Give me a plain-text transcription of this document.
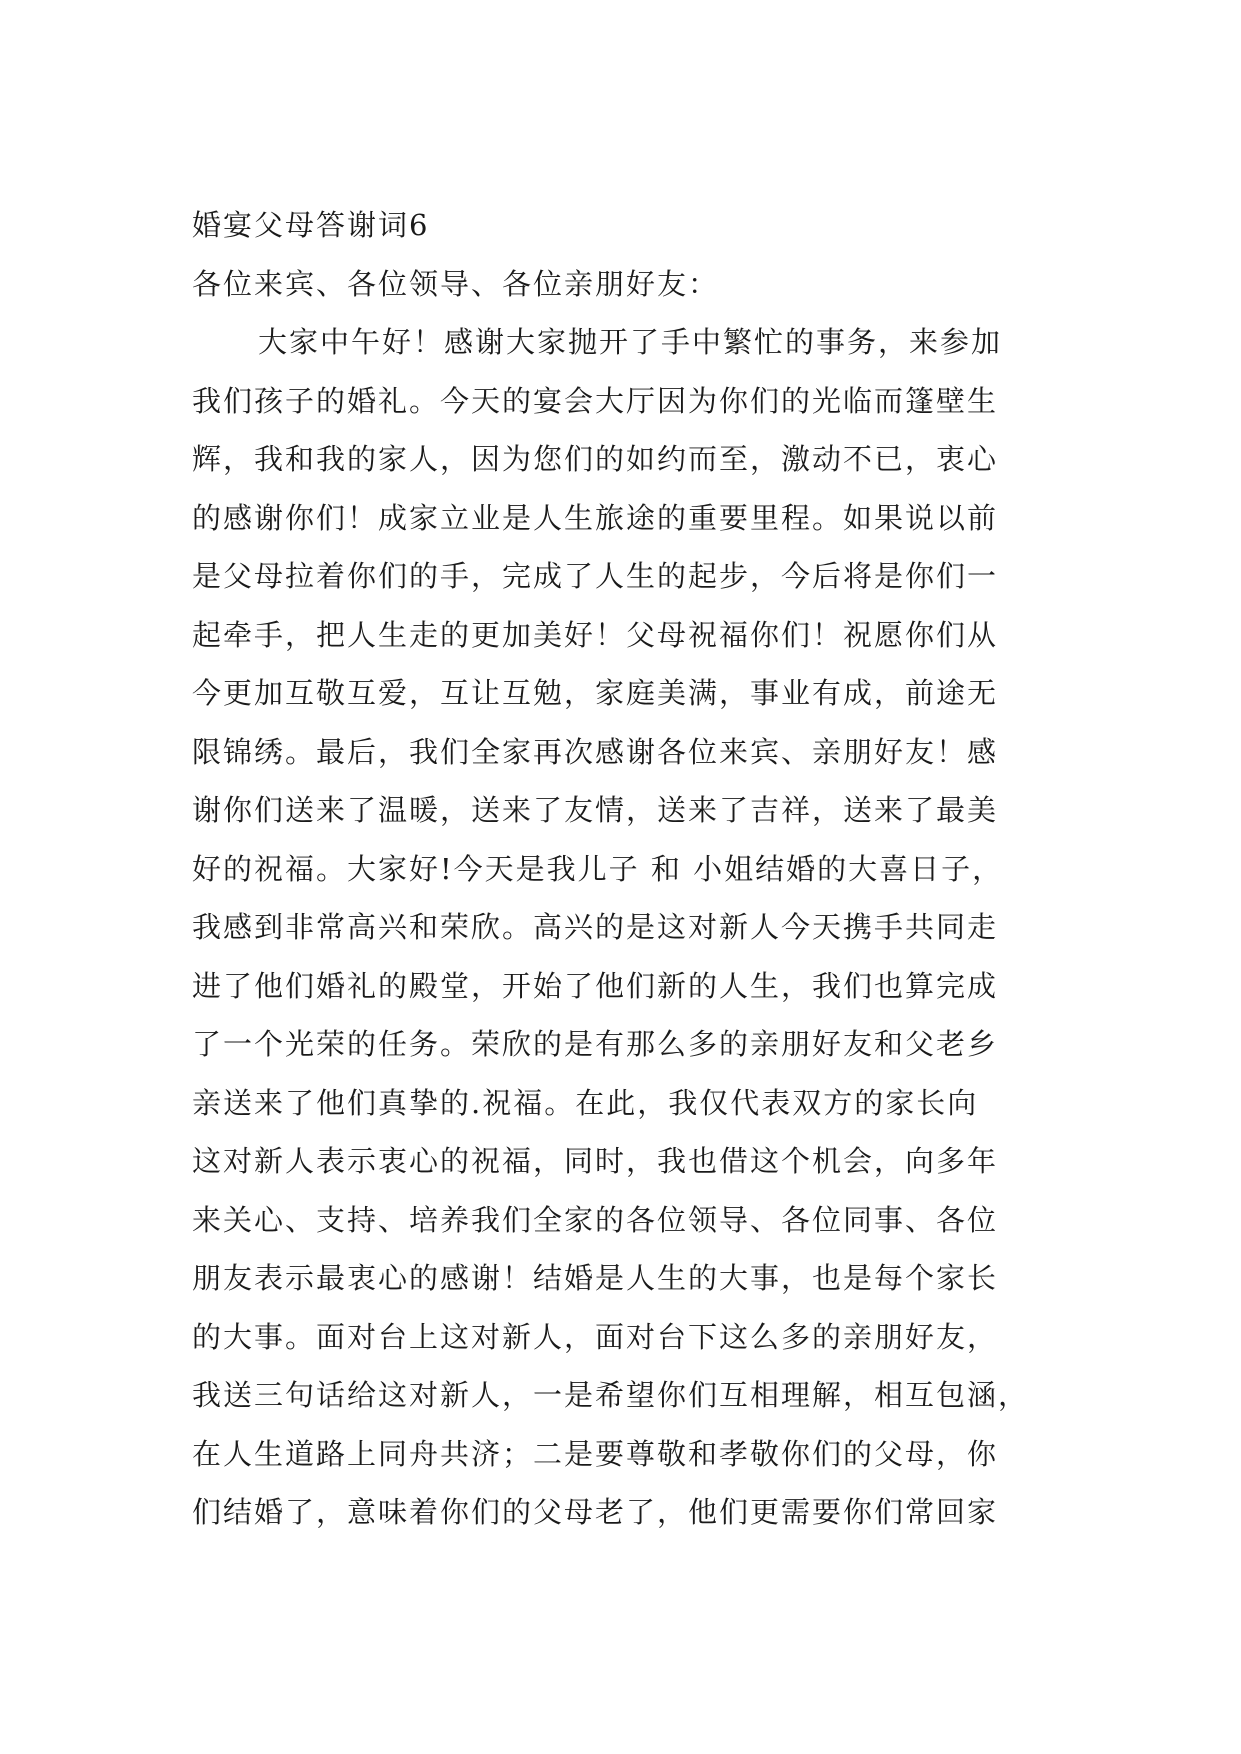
婚宴父母答谢词6
各位来宾、各位领导、各位亲朋好友：
大家中午好！感谢大家抛开了手中繁忙的事务，来参加
我们孩子的婚礼。今天的宴会大厅因为你们的光临而篷壁生
辉，我和我的家人，因为您们的如约而至，激动不已，衷心
的感谢你们！成家立业是人生旅途的重要里程。如果说以前
是父母拉着你们的手，完成了人生的起步，今后将是你们一
起牵手，把人生走的更加美好！父母祝福你们！祝愿你们从
今更加互敬互爱，互让互勉，家庭美满，事业有成，前途无
限锦绣。最后，我们全家再次感谢各位来宾、亲朋好友！感
谢你们送来了温暖，送来了友情，送来了吉祥，送来了最美
好的祝福。大家好!今天是我儿子 和 小姐结婚的大喜日子，
我感到非常高兴和荣欣。高兴的是这对新人今天携手共同走
进了他们婚礼的殿堂，开始了他们新的人生，我们也算完成
了一个光荣的任务。荣欣的是有那么多的亲朋好友和父老乡
亲送来了他们真挚的.祝福。在此，我仅代表双方的家长向
这对新人表示衷心的祝福，同时，我也借这个机会，向多年
来关心、支持、培养我们全家的各位领导、各位同事、各位
朋友表示最衷心的感谢！结婚是人生的大事，也是每个家长
的大事。面对台上这对新人，面对台下这么多的亲朋好友，
我送三句话给这对新人，一是希望你们互相理解，相互包涵，
在人生道路上同舟共济；二是要尊敬和孝敬你们的父母，你
们结婚了，意味着你们的父母老了，他们更需要你们常回家
